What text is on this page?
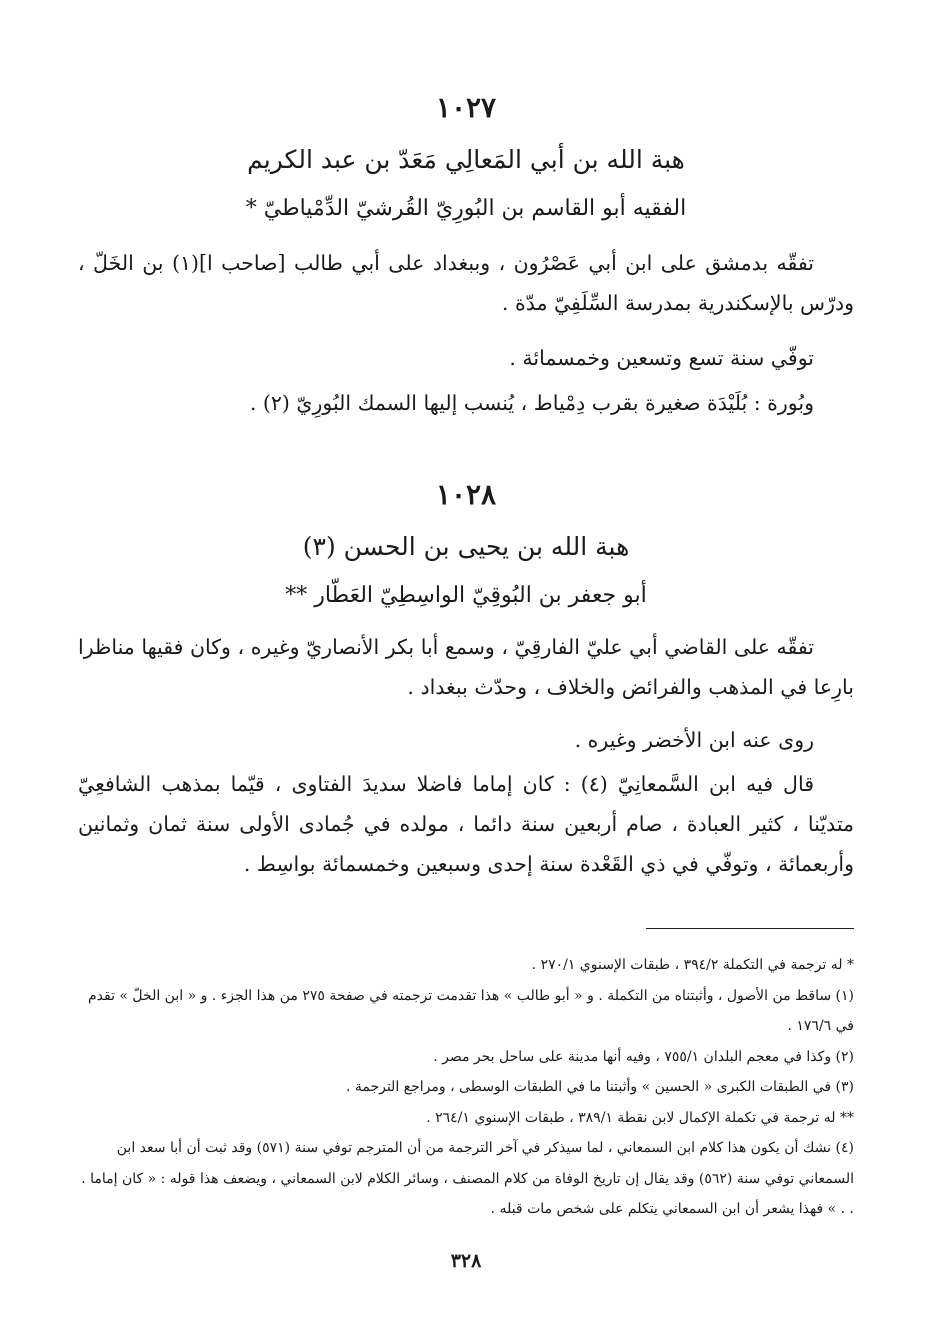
١٠٢٧
هبة الله بن أبي المَعالِي مَعَدّ بن عبد الكريم
الفقيه أبو القاسم بن البُورِيّ القُرشيّ الدِّمْياطيّ *
تفقّه بدمشق على ابن أبي عَصْرُون ، وببغداد على أبي طالب [صاحب ا](١) بن الخَلّ ، ودرّس بالإسكندرية بمدرسة السِّلَفِيّ مدّة .
توفّي سنة تسع وتسعين وخمسمائة .
وبُورة : بُلَيْدَة صغيرة بقرب دِمْياط ، يُنسب إليها السمك البُورِيّ (٢) .
١٠٢٨
هبة الله بن يحيى بن الحسن (٣)
أبو جعفر بن البُوقِيّ الواسِطِيّ العَطّار **
تفقّه على القاضي أبي عليّ الفارقِيّ ، وسمع أبا بكر الأنصاريّ وغيره ، وكان فقيها مناظرا بارِعا في المذهب والفرائض والخلاف ، وحدّث ببغداد .
روى عنه ابن الأخضر وغيره .
قال فيه ابن السَّمعانِيّ (٤) : كان إماما فاضلا سديدَ الفتاوى ، قيّما بمذهب الشافعِيّ متديّنا ، كثير العبادة ، صام أربعين سنة دائما ، مولده في جُمادى الأولى سنة ثمان وثمانين وأربعمائة ، وتوفّي في ذي القَعْدة سنة إحدى وسبعين وخمسمائة بواسِط .

* له ترجمة في التكملة ٣٩٤/٢ ، طبقات الإسنوي ٢٧٠/١ .

(١) ساقط من الأصول ، وأثبتناه من التكملة . و « أبو طالب » هذا تقدمت ترجمته في صفحة ٢٧٥ من هذا الجزء . و « ابن الخلّ » تقدم في ١٧٦/٦ .

(٢) وكذا في معجم البلدان ٧٥٥/١ ، وفيه أنها مدينة على ساحل بحر مصر .

(٣) في الطبقات الكبرى « الحسين » وأثبتنا ما في الطبقات الوسطى ، ومراجع الترجمة .

** له ترجمة في تكملة الإكمال لابن نقطة ٣٨٩/١ ، طبقات الإسنوي ٢٦٤/١ .

(٤) نشك أن يكون هذا كلام ابن السمعاني ، لما سيذكر في آخر الترجمة من أن المترجم توفي سنة (٥٧١) وقد ثبت أن أبا سعد ابن السمعاني توفي سنة (٥٦٢) وقد يقال إن تاريخ الوفاة من كلام المصنف ، وسائر الكلام لابن السمعاني ، ويضعف هذا قوله : « كان إماما . . . » فهذا يشعر أن ابن السمعاني يتكلم على شخص مات قبله .

٣٢٨
